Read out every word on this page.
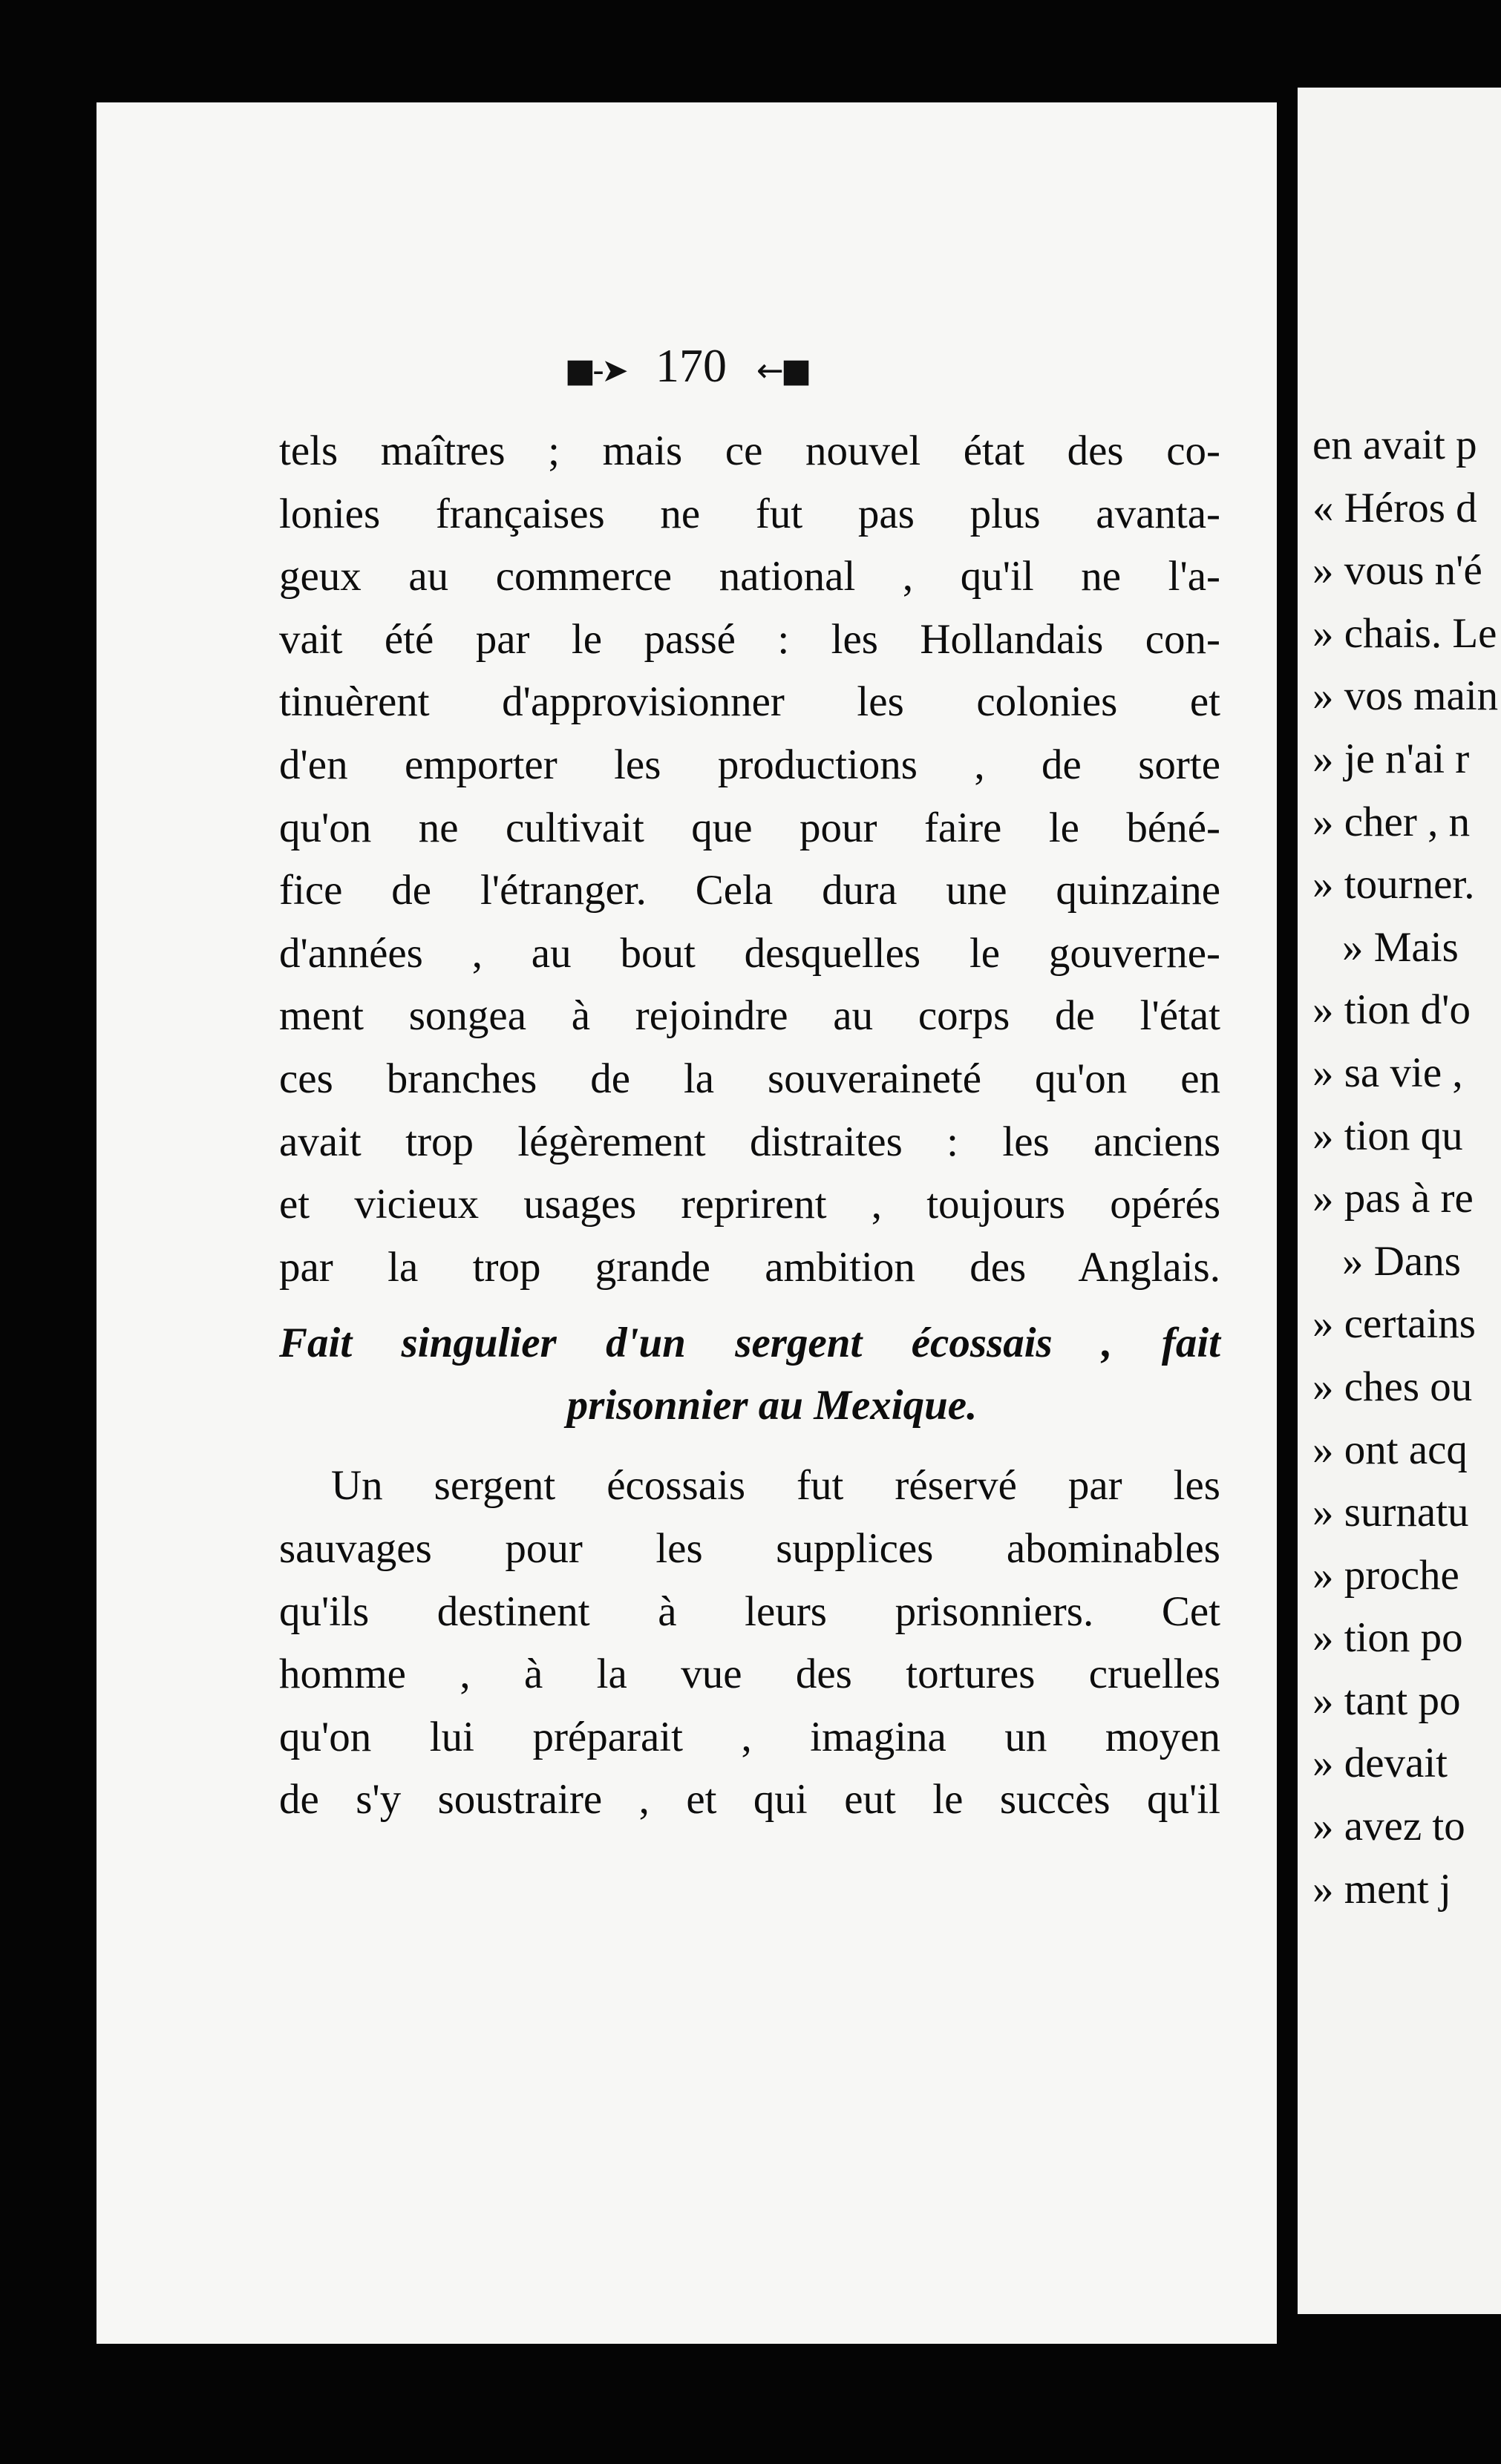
■-➤ 170 ←■
tels maîtres ; mais ce nouvel état des co-
lonies françaises ne fut pas plus avanta-
geux au commerce national , qu'il ne l'a-
vait été par le passé : les Hollandais con-
tinuèrent d'approvisionner les colonies et
d'en emporter les productions , de sorte
qu'on ne cultivait que pour faire le béné-
fice de l'étranger. Cela dura une quinzaine
d'années , au bout desquelles le gouverne-
ment songea à rejoindre au corps de l'état
ces branches de la souveraineté qu'on en
avait trop légèrement distraites : les anciens
et vicieux usages reprirent , toujours opérés
par la trop grande ambition des Anglais.
Fait singulier d'un sergent écossais , fait
prisonnier au Mexique.
Un sergent écossais fut réservé par les
sauvages pour les supplices abominables
qu'ils destinent à leurs prisonniers. Cet
homme , à la vue des tortures cruelles
qu'on lui préparait , imagina un moyen
de s'y soustraire , et qui eut le succès qu'il
en avait p
« Héros d
» vous n'é
» chais. Le
» vos main
» je n'ai r
» cher , n
» tourner.
» Mais
» tion d'o
» sa vie ,
» tion qu
» pas à re
» Dans
» certains
» ches ou
» ont acq
» surnatu
» proche
» tion po
» tant po
» devait
» avez to
» ment j
